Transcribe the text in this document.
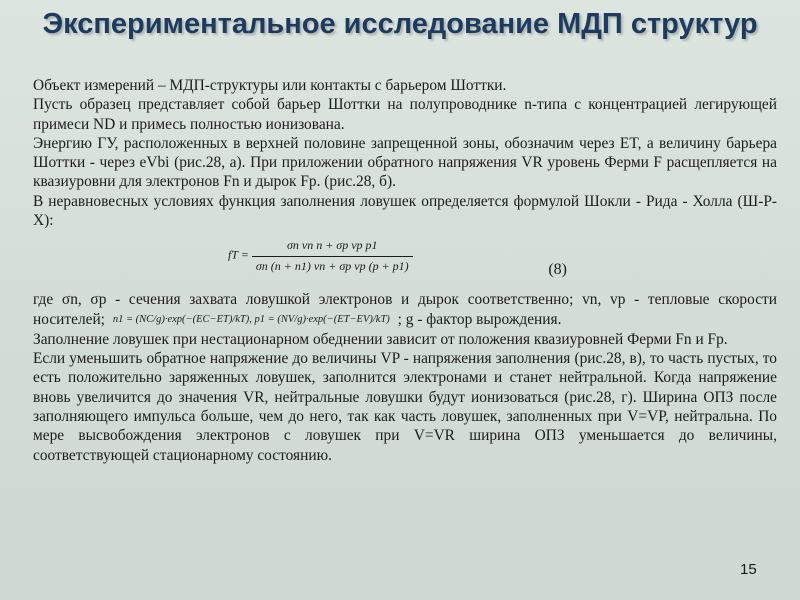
Экспериментальное исследование МДП структур

Объект измерений – МДП-структуры или контакты с барьером Шоттки.

Пусть образец представляет собой барьер Шоттки на полупроводнике n-типа с концентрацией легирующей примеси ND и примесь полностью ионизована.

Энергию ГУ, расположенных в верхней половине запрещенной зоны, обозначим через ET, а величину барьера Шоттки - через eVbi (рис.28, а). При приложении обратного напряжения VR уровень Ферми F расщепляется на квазиуровни для электронов Fn и дырок Fp. (рис.28, б).

В неравновесных условиях функция заполнения ловушек определяется формулой Шокли - Рида - Холла (Ш-Р-Х):

fT = $\frac{\text{σn vn n + σp vp p1}}{\text{σn (n + n1) vn + σp vp (p + p1)}}$	(8)

где σn, σp - сечения захвата ловушкой электронов и дырок соответственно; vn, vp - тепловые скорости носителей; n1 = (NC/g)·exp(−(EC−ET)/kT), p1 = (NV/g)·exp(−(ET−EV)/kT) ; g - фактор вырождения.

Заполнение ловушек при нестационарном обеднении зависит от положения квазиуровней Ферми Fn и Fp.

Если уменьшить обратное напряжение до величины VP - напряжения заполнения (рис.28, в), то часть пустых, то есть положительно заряженных ловушек, заполнится электронами и станет нейтральной. Когда напряжение вновь увеличится до значения VR, нейтральные ловушки будут ионизоваться (рис.28, г). Ширина ОПЗ после заполняющего импульса больше, чем до него, так как часть ловушек, заполненных при V=VP, нейтральна. По мере высвобождения электронов с ловушек при V=VR ширина ОПЗ уменьшается до величины, соответствующей стационарному состоянию.

15
